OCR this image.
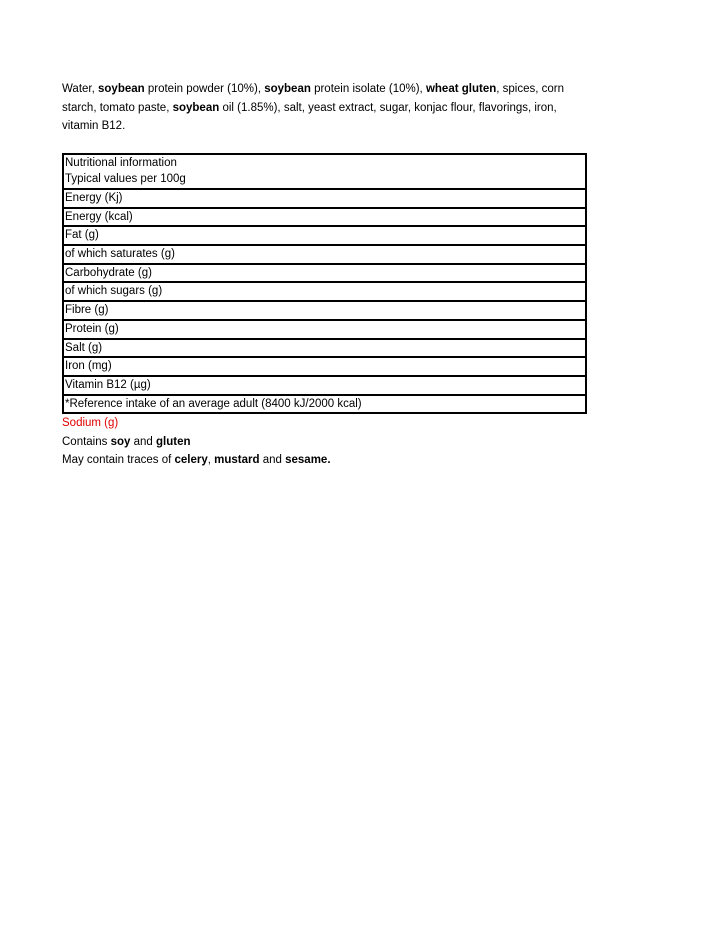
Water, soybean protein powder (10%), soybean protein isolate (10%), wheat gluten, spices, corn starch, tomato paste, soybean oil (1.85%), salt, yeast extract, sugar, konjac flour, flavorings, iron, vitamin B12.

Nutritional information
Typical values per 100g
Energy (Kj)
Energy (kcal)
Fat (g)
of which saturates (g)
Carbohydrate (g)
of which sugars (g)
Fibre (g)
Protein (g)
Salt (g)
Iron (mg)
Vitamin B12 (µg)
*Reference intake of an average adult (8400 kJ/2000 kcal)
Sodium (g)
Contains soy and gluten
May contain traces of celery, mustard and sesame.
